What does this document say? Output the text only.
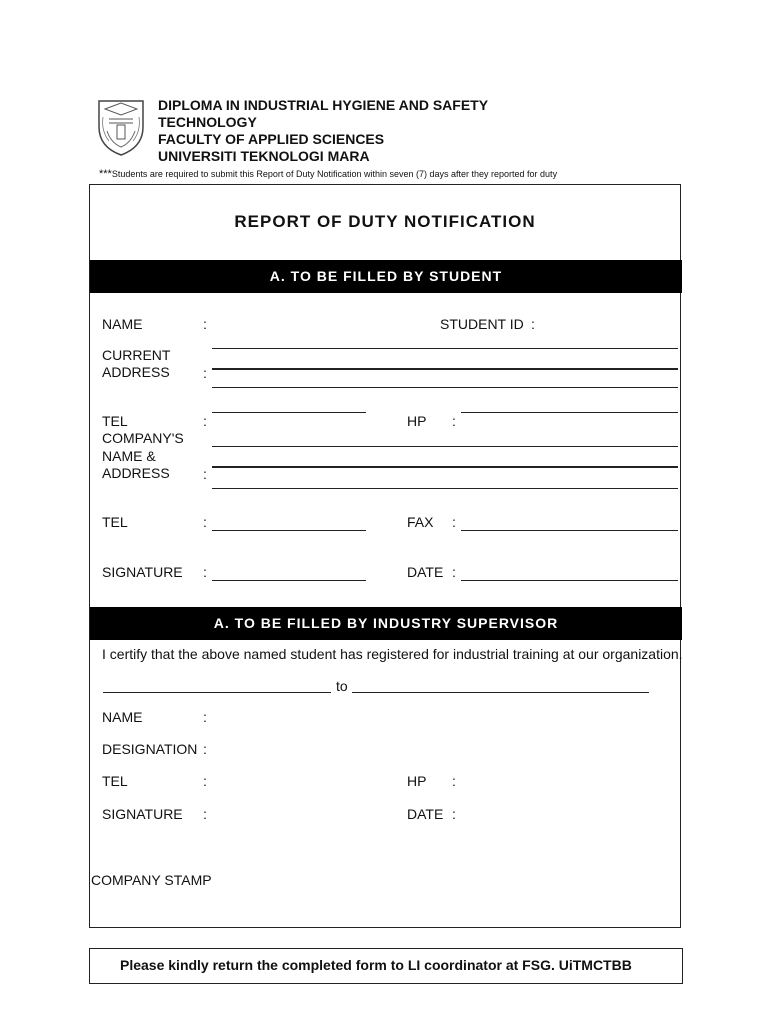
DIPLOMA IN INDUSTRIAL HYGIENE AND SAFETY
TECHNOLOGY
FACULTY OF APPLIED SCIENCES
UNIVERSITI TEKNOLOGI MARA
***Students are required to submit this Report of Duty Notification within seven (7) days after they reported for duty
REPORT OF DUTY NOTIFICATION
A. TO BE FILLED BY STUDENT
NAME	:	STUDENT ID :
CURRENT
ADDRESS :
TEL	:	HP :
COMPANY'S
NAME &
ADDRESS :
TEL	:	FAX :
SIGNATURE :	DATE :
A. TO BE FILLED BY INDUSTRY SUPERVISOR
I certify that the above named student has registered for industrial training at our organization.
to
NAME	:
DESIGNATION :
TEL	:	HP :
SIGNATURE :	DATE :
COMPANY STAMP
Please kindly return the completed form to LI coordinator at FSG. UiTMCTBB
